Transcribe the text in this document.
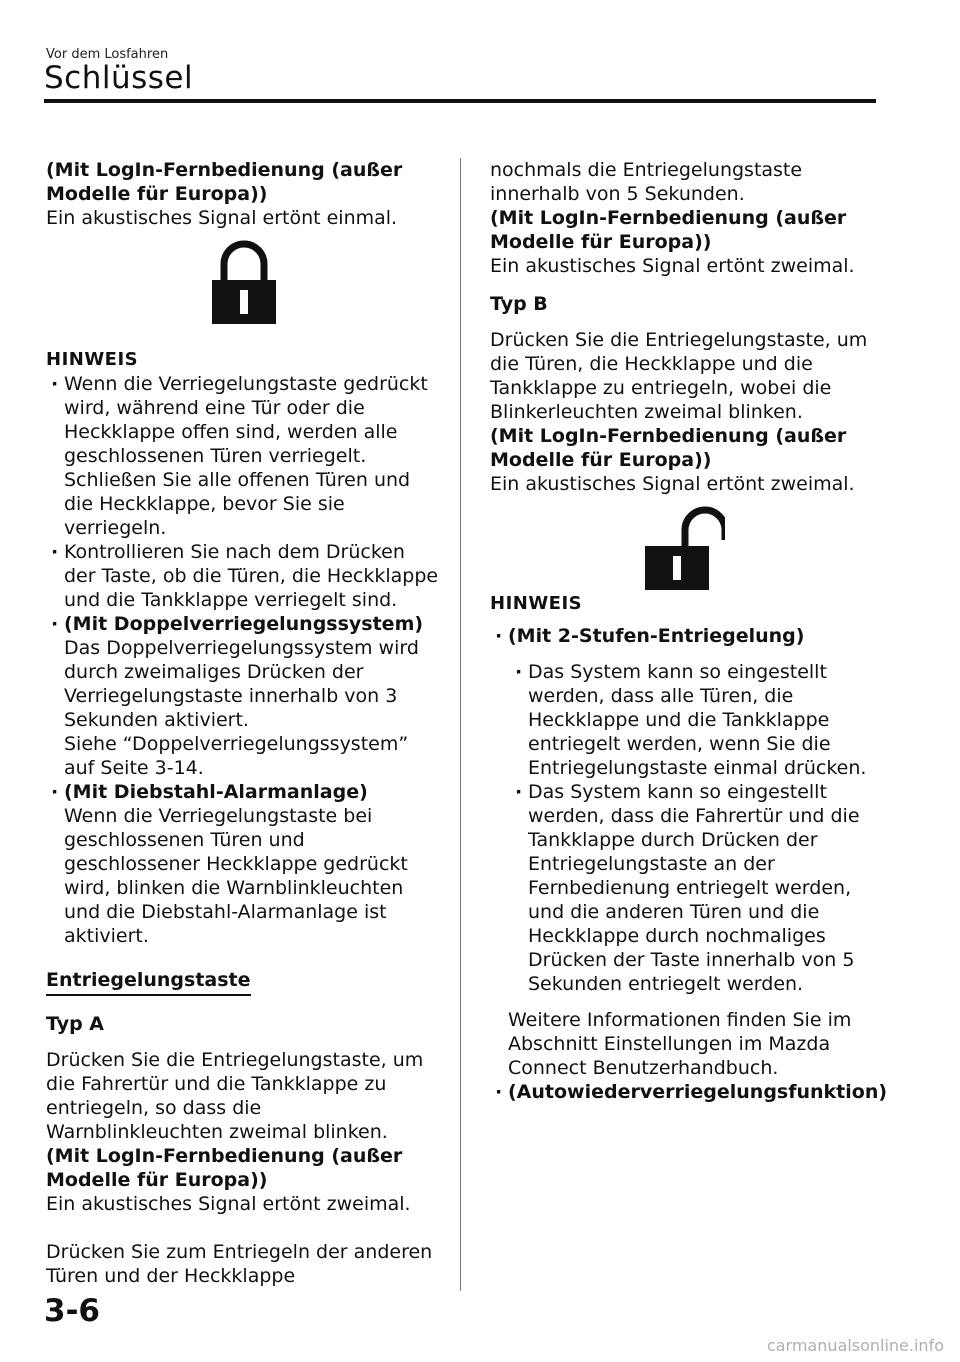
Vor dem Losfahren
Schlüssel

(Mit LogIn-Fernbedienung (außer Modelle für Europa))

Ein akustisches Signal ertönt einmal.

HINWEIS

· Wenn die Verriegelungstaste gedrückt wird, während eine Tür oder die Heckklappe offen sind, werden alle geschlossenen Türen verriegelt. Schließen Sie alle offenen Türen und die Heckklappe, bevor Sie sie verriegeln.

· Kontrollieren Sie nach dem Drücken der Taste, ob die Türen, die Heckklappe und die Tankklappe verriegelt sind.

· (Mit Doppelverriegelungssystem)

Das Doppelverriegelungssystem wird durch zweimaliges Drücken der Verriegelungstaste innerhalb von 3 Sekunden aktiviert.

Siehe “Doppelverriegelungssystem” auf Seite 3-14.

· (Mit Diebstahl-Alarmanlage)

Wenn die Verriegelungstaste bei geschlossenen Türen und geschlossener Heckklappe gedrückt wird, blinken die Warnblinkleuchten und die Diebstahl-Alarmanlage ist aktiviert.

Entriegelungstaste

Typ A

Drücken Sie die Entriegelungstaste, um die Fahrertür und die Tankklappe zu entriegeln, so dass die Warnblinkleuchten zweimal blinken.

(Mit LogIn-Fernbedienung (außer Modelle für Europa))

Ein akustisches Signal ertönt zweimal.

Drücken Sie zum Entriegeln der anderen Türen und der Heckklappe

nochmals die Entriegelungstaste innerhalb von 5 Sekunden.

(Mit LogIn-Fernbedienung (außer Modelle für Europa))

Ein akustisches Signal ertönt zweimal.

Typ B

Drücken Sie die Entriegelungstaste, um die Türen, die Heckklappe und die Tankklappe zu entriegeln, wobei die Blinkerleuchten zweimal blinken.

(Mit LogIn-Fernbedienung (außer Modelle für Europa))

Ein akustisches Signal ertönt zweimal.

HINWEIS

· (Mit 2-Stufen-Entriegelung)

· Das System kann so eingestellt werden, dass alle Türen, die Heckklappe und die Tankklappe entriegelt werden, wenn Sie die Entriegelungstaste einmal drücken.

· Das System kann so eingestellt werden, dass die Fahrertür und die Tankklappe durch Drücken der Entriegelungstaste an der Fernbedienung entriegelt werden, und die anderen Türen und die Heckklappe durch nochmaliges Drücken der Taste innerhalb von 5 Sekunden entriegelt werden.

Weitere Informationen finden Sie im Abschnitt Einstellungen im Mazda Connect Benutzerhandbuch.

· (Autowiederverriegelungsfunktion)

3-6
carmanualsonline.info
